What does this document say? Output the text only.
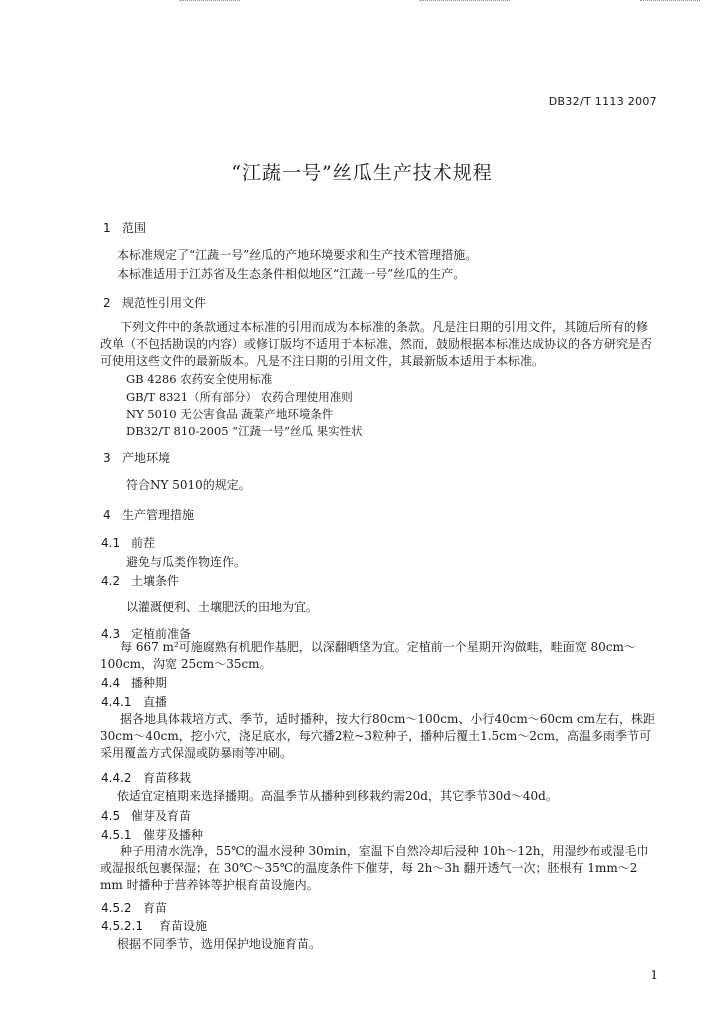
DB32/T 1113 2007
“江蔬一号”丝瓜生产技术规程
1 范围
本标准规定了“江蔬一号”丝瓜的产地环境要求和生产技术管理措施。
本标准适用于江苏省及生态条件相似地区“江蔬一号”丝瓜的生产。
2 规范性引用文件
下列文件中的条款通过本标准的引用而成为本标准的条款。凡是注日期的引用文件，其随后所有的修改单（不包括勘误的内容）或修订版均不适用于本标准，然而，鼓励根据本标准达成协议的各方研究是否可使用这些文件的最新版本。凡是不注日期的引用文件，其最新版本适用于本标准。
GB 4286 农药安全使用标准
GB/T 8321（所有部分） 农药合理使用准则
NY 5010 无公害食品 蔬菜产地环境条件
DB32/T 810-2005 “江蔬一号”丝瓜 果实性状
3 产地环境
符合NY 5010的规定。
4 生产管理措施
4.1 前茬
避免与瓜类作物连作。
4.2 土壤条件
以灌溉便利、土壤肥沃的田地为宜。
4.3 定植前准备
每 667 m²可施腐熟有机肥作基肥，以深翻晒垡为宜。定植前一个星期开沟做畦，畦面宽 80cm～100cm，沟宽 25cm～35cm。
4.4 播种期
4.4.1 直播
据各地具体栽培方式、季节，适时播种，按大行80cm～100cm、小行40cm～60cm cm左右，株距30cm～40cm，挖小穴，浇足底水，每穴播2粒~3粒种子，播种后覆土1.5cm～2cm，高温多雨季节可采用覆盖方式保湿或防暴雨等冲刷。
4.4.2 育苗移栽
依适宜定植期来选择播期。高温季节从播种到移栽约需20d，其它季节30d～40d。
4.5 催芽及育苗
4.5.1 催芽及播种
种子用清水洗净，55℃的温水浸种 30min，室温下自然冷却后浸种 10h～12h，用湿纱布或湿毛巾或湿报纸包裹保湿；在 30℃～35℃的温度条件下催芽，每 2h～3h 翻开透气一次；胚根有 1mm～2 mm 时播种于营养钵等护根育苗设施内。
4.5.2 育苗
4.5.2.1 育苗设施
根据不同季节，选用保护地设施育苗。
1
